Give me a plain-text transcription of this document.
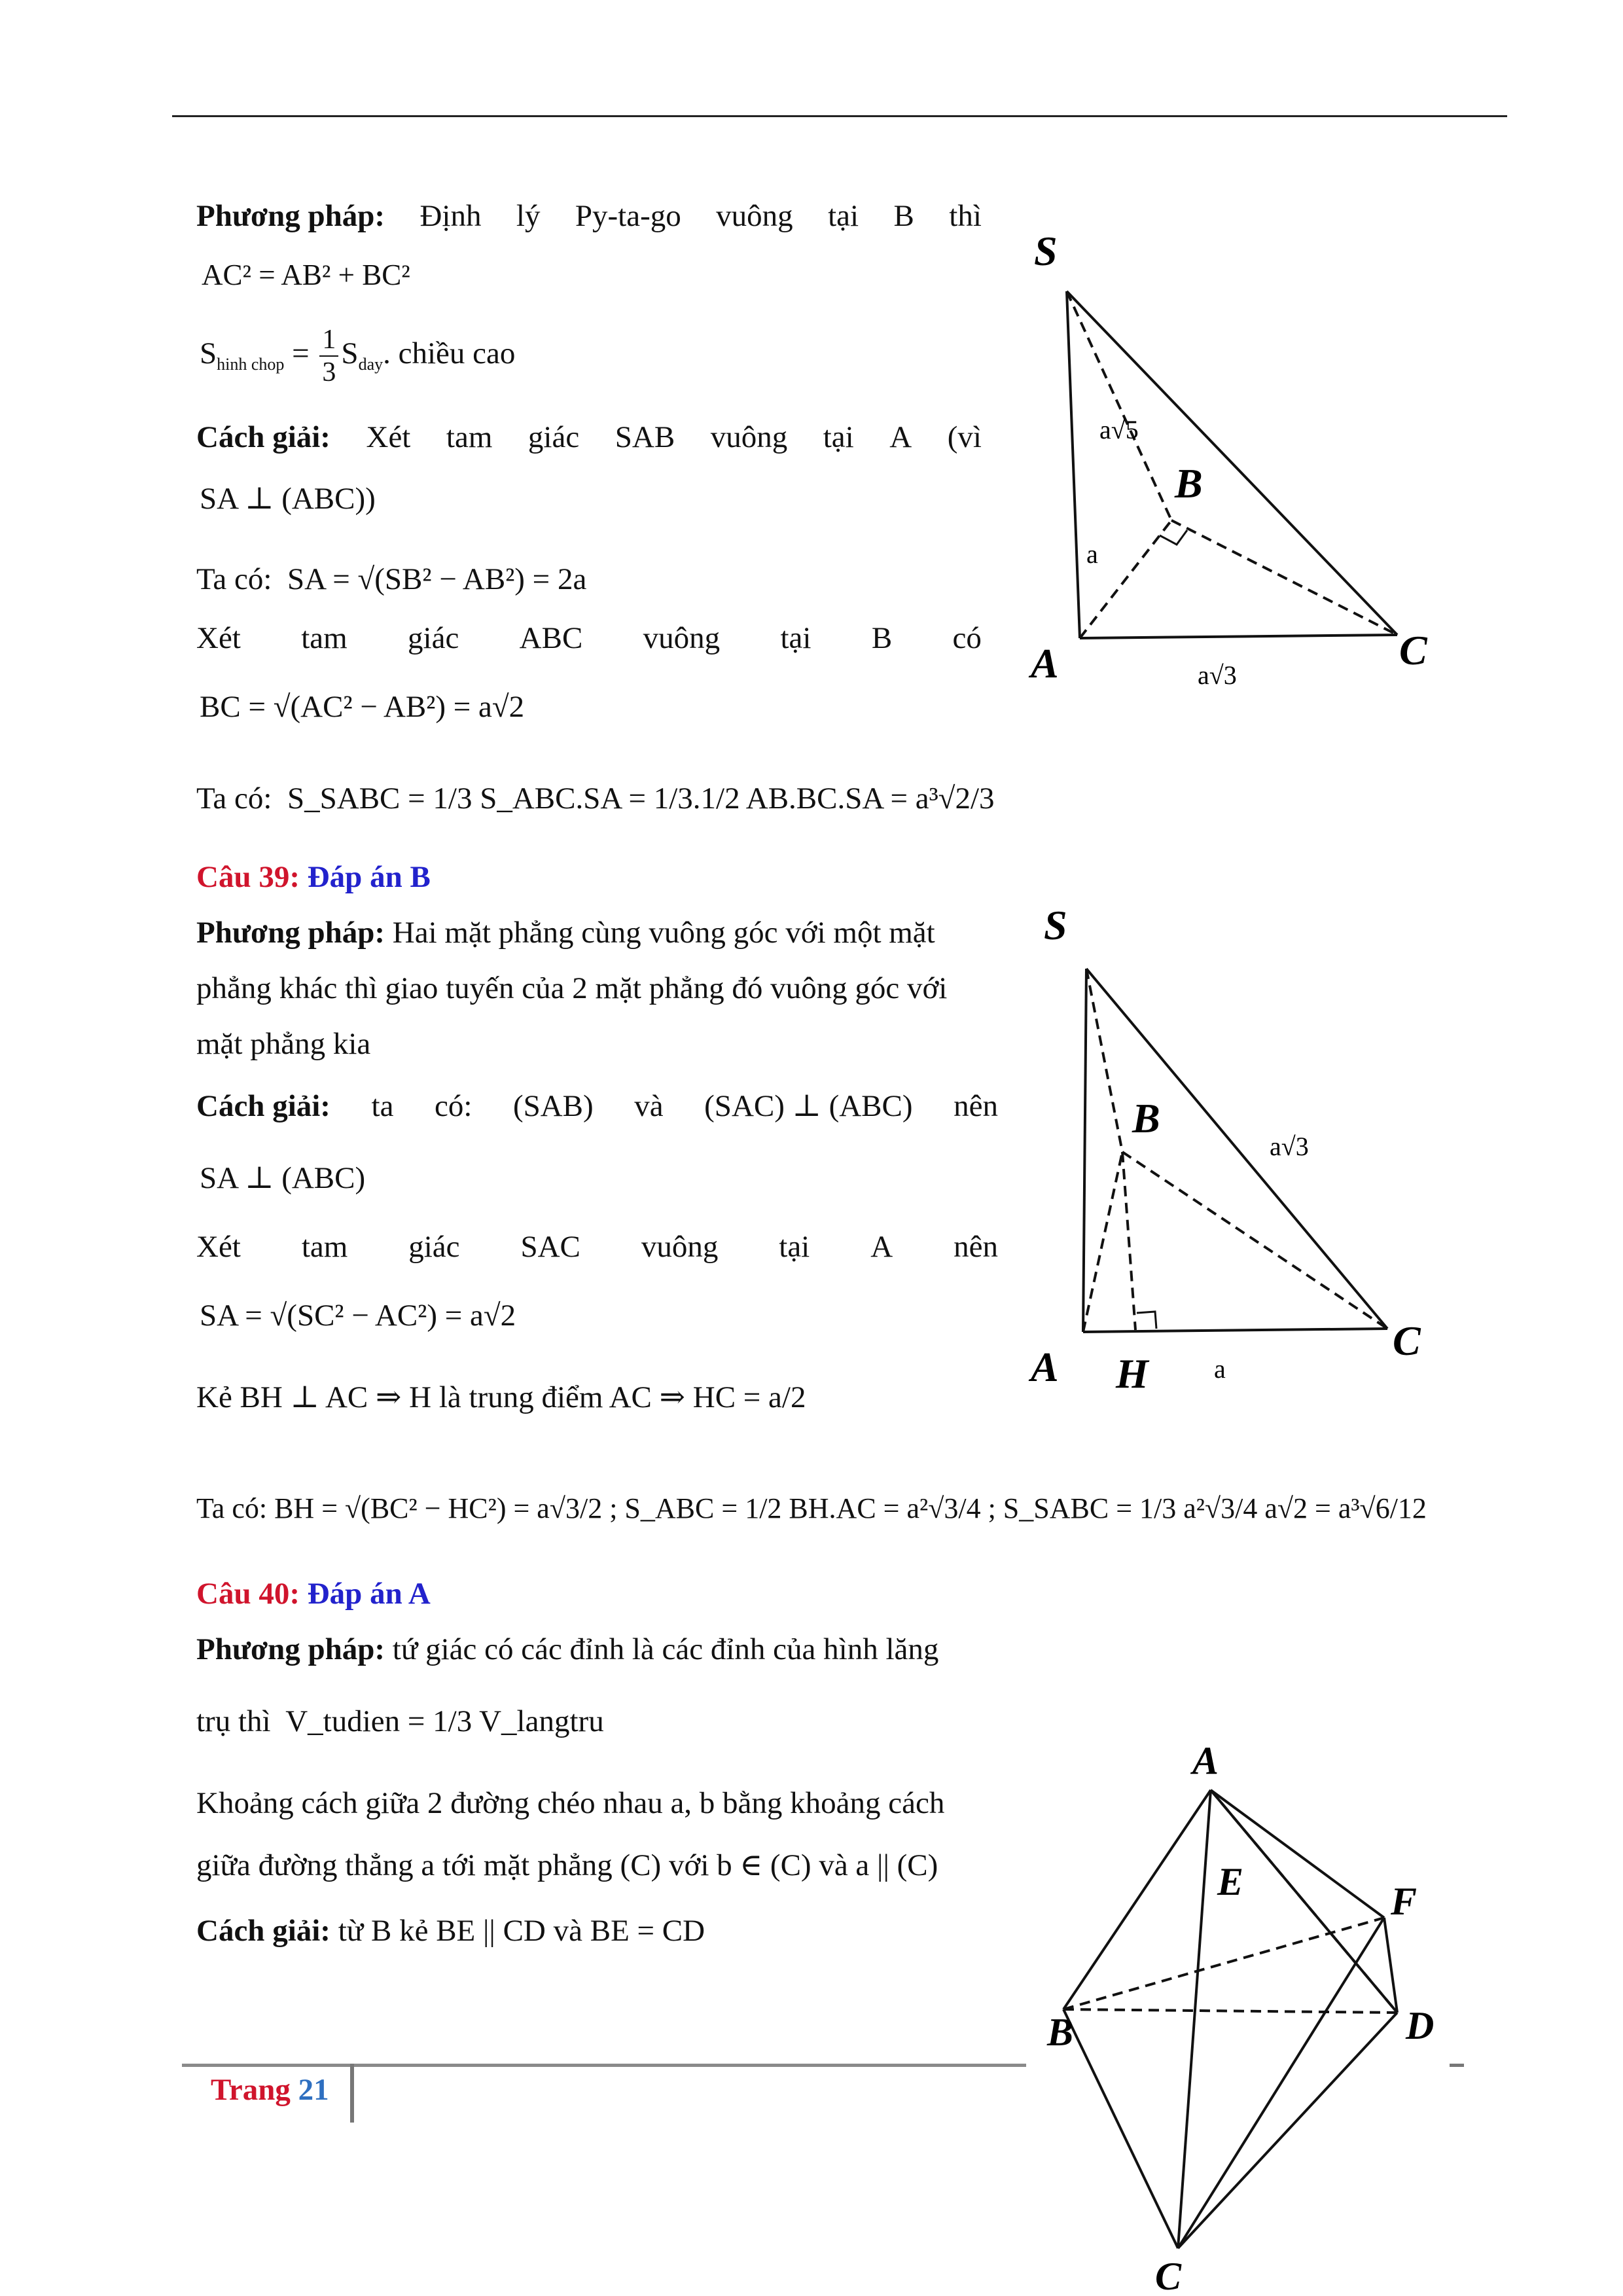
Phương pháp: Định lý Py-ta-go vuông tại B thì
AC² = AB² + BC²
$S_{hinh chop} = \frac{1}{3} S_{day}$. chiều cao
Cách giải: Xét tam giác SAB vuông tại A (vì
SA ⊥ (ABC))
Ta có: SA = √(SB² − AB²) = 2a
Xét tam giác ABC vuông tại B có
BC = √(AC² − AB²) = a√2
Ta có: S_SABC = 1/3 S_ABC.SA = 1/3.1/2 AB.BC.SA = a³√2/3
S
A
B
C
a√5
a
a√3
Câu 39: Đáp án B
Phương pháp: Hai mặt phẳng cùng vuông góc với một mặt
phẳng khác thì giao tuyến của 2 mặt phẳng đó vuông góc với
mặt phẳng kia
Cách giải: ta có: (SAB) và (SAC) ⊥ (ABC) nên
SA ⊥ (ABC)
Xét tam giác SAC vuông tại A nên
SA = √(SC² − AC²) = a√2
Kẻ BH ⊥ AC ⇒ H là trung điểm AC ⇒ HC = a/2
Ta có: BH = √(BC² − HC²) = a√3/2 ; S_ABC = 1/2 BH.AC = a²√3/4 ; S_SABC = 1/3 a²√3/4 a√2 = a³√6/12
S
A
B
C
H
a√3
a
Câu 40: Đáp án A
Phương pháp: tứ giác có các đỉnh là các đỉnh của hình lăng
trụ thì V_tudien = 1/3 V_langtru
Khoảng cách giữa 2 đường chéo nhau a, b bằng khoảng cách
giữa đường thẳng a tới mặt phẳng (C) với b ∈ (C) và a || (C)
Cách giải: từ B kẻ BE || CD và BE = CD
A
B
C
D
E	F
Trang 21
